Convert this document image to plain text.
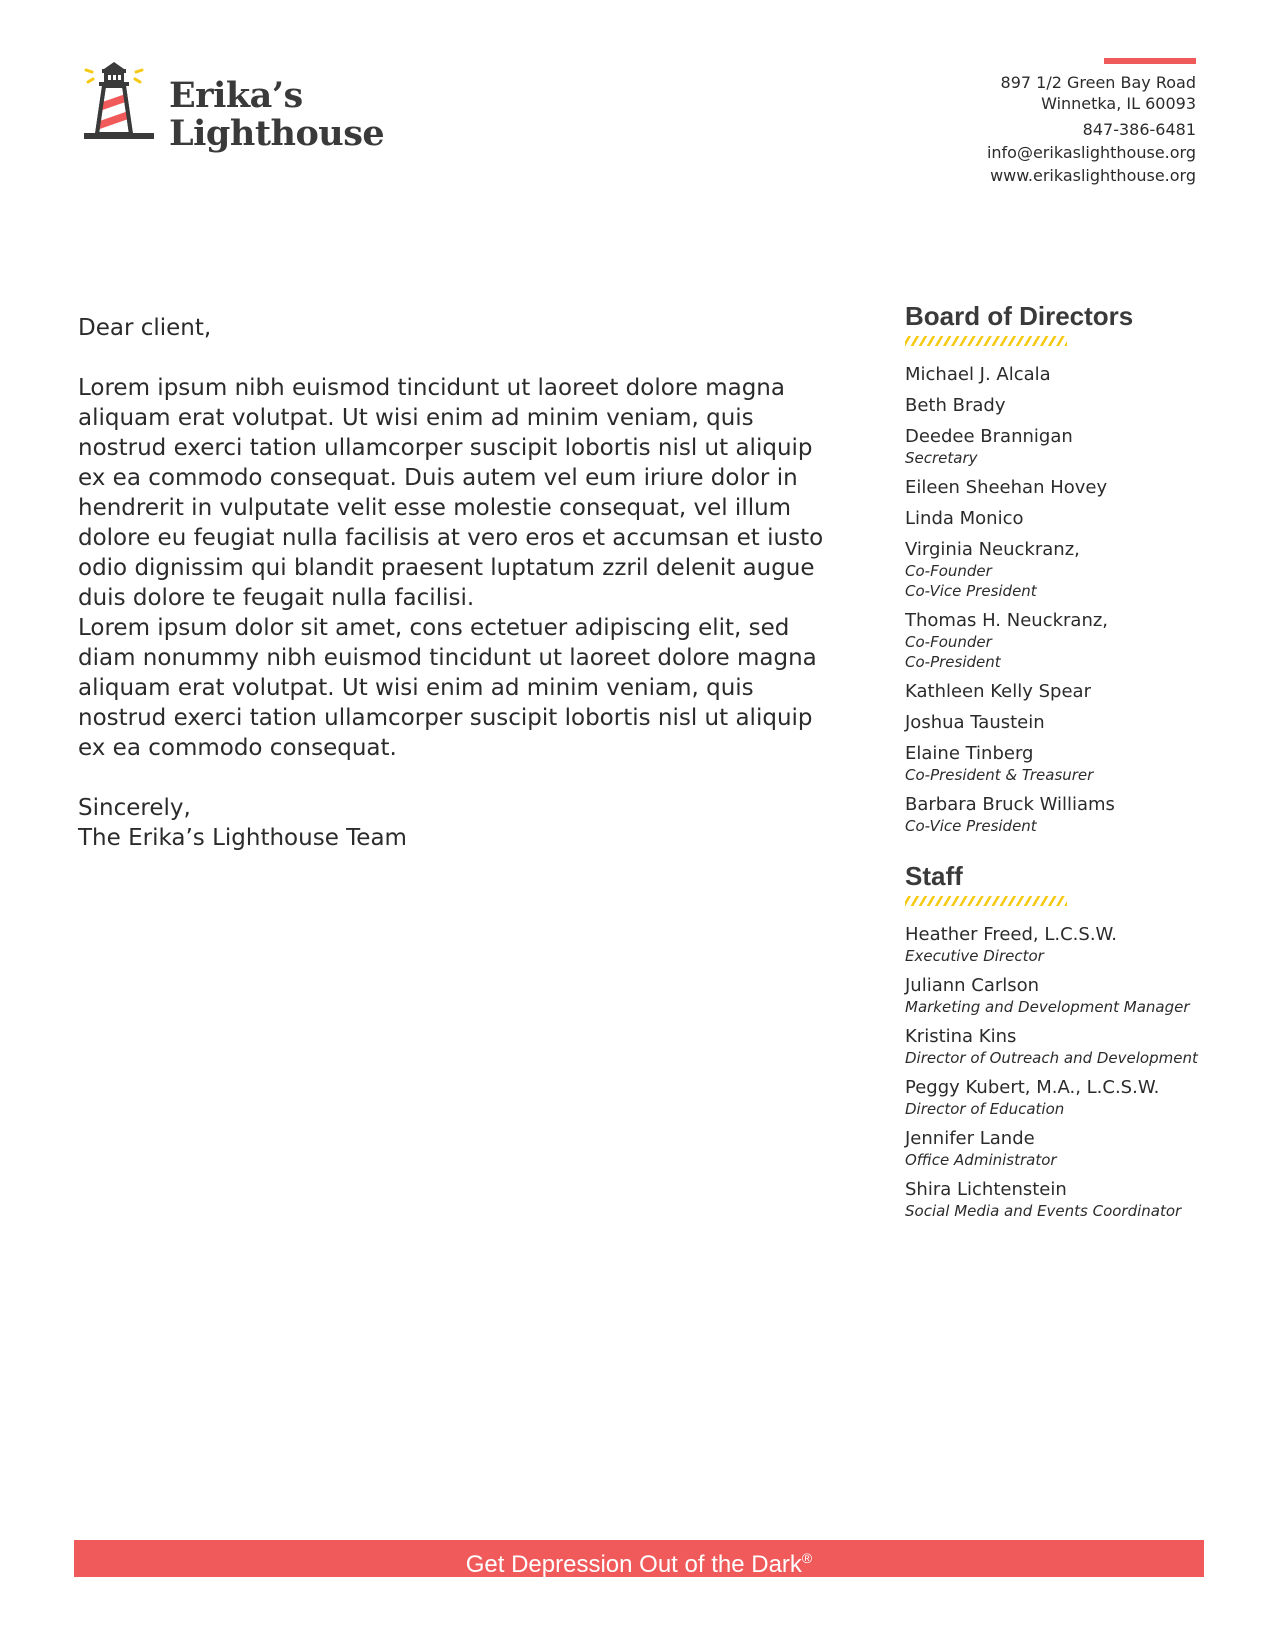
Erika’s
Lighthouse
897 1/2 Green Bay Road
Winnetka, IL 60093
847-386-6481
info@erikaslighthouse.org
www.erikaslighthouse.org

Dear client,

Lorem ipsum nibh euismod tincidunt ut laoreet dolore magna aliquam erat volutpat. Ut wisi enim ad minim veniam, quis nostrud exerci tation ullamcorper suscipit lobortis nisl ut aliquip ex ea commodo consequat. Duis autem vel eum iriure dolor in hendrerit in vulputate velit esse molestie consequat, vel illum dolore eu feugiat nulla facilisis at vero eros et accumsan et iusto odio dignissim qui blandit praesent luptatum zzril delenit augue duis dolore te feugait nulla facilisi.

Lorem ipsum dolor sit amet, cons ectetuer adipiscing elit, sed diam nonummy nibh euismod tincidunt ut laoreet dolore magna aliquam erat volutpat. Ut wisi enim ad minim veniam, quis nostrud exerci tation ullamcorper suscipit lobortis nisl ut aliquip ex ea commodo consequat.

Sincerely,

The Erika’s Lighthouse Team

Board of Directors
Michael J. Alcala
Beth Brady
Deedee Brannigan
Secretary
Eileen Sheehan Hovey
Linda Monico
Virginia Neuckranz,
Co-Founder
Co-Vice President
Thomas H. Neuckranz,
Co-Founder
Co-President
Kathleen Kelly Spear
Joshua Taustein
Elaine Tinberg
Co-President & Treasurer
Barbara Bruck Williams
Co-Vice President
Staff
Heather Freed, L.C.S.W.
Executive Director
Juliann Carlson
Marketing and Development Manager
Kristina Kins
Director of Outreach and Development
Peggy Kubert, M.A., L.C.S.W.
Director of Education
Jennifer Lande
Office Administrator
Shira Lichtenstein
Social Media and Events Coordinator
Get Depression Out of the Dark®
